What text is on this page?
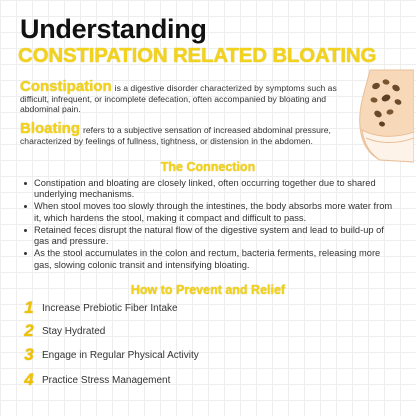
Understanding
CONSTIPATION RELATED BLOATING
Constipation is a digestive disorder characterized by symptoms such as difficult, infrequent, or incomplete defecation, often accompanied by bloating and abdominal pain.
Bloating refers to a subjective sensation of increased abdominal pressure, characterized by feelings of fullness, tightness, or distension in the abdomen.
The Connection
Constipation and bloating are closely linked, often occurring together due to shared underlying mechanisms.
When stool moves too slowly through the intestines, the body absorbs more water from it, which hardens the stool, making it compact and difficult to pass.
Retained feces disrupt the natural flow of the digestive system and lead to build-up of gas and pressure.
As the stool accumulates in the colon and rectum, bacteria ferments, releasing more gas, slowing colonic transit and intensifying bloating.
How to Prevent and Relief
1 Increase Prebiotic Fiber Intake
2 Stay Hydrated
3 Engage in Regular Physical Activity
4 Practice Stress Management
